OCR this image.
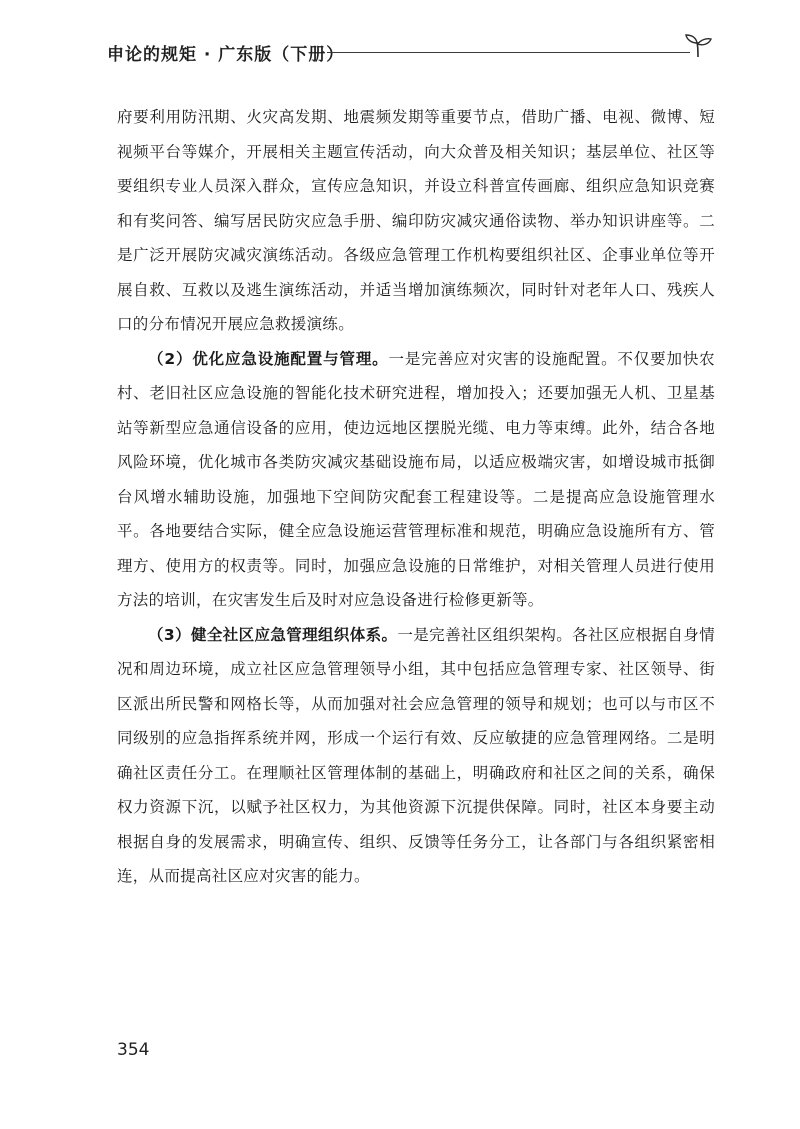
申论的规矩 · 广东版（下册）

府要利用防汛期、火灾高发期、地震频发期等重要节点，借助广播、电视、微博、短视频平台等媒介，开展相关主题宣传活动，向大众普及相关知识；基层单位、社区等要组织专业人员深入群众，宣传应急知识，并设立科普宣传画廊、组织应急知识竞赛和有奖问答、编写居民防灾应急手册、编印防灾减灾通俗读物、举办知识讲座等。二是广泛开展防灾减灾演练活动。各级应急管理工作机构要组织社区、企事业单位等开展自救、互救以及逃生演练活动，并适当增加演练频次，同时针对老年人口、残疾人口的分布情况开展应急救援演练。

（2）优化应急设施配置与管理。一是完善应对灾害的设施配置。不仅要加快农村、老旧社区应急设施的智能化技术研究进程，增加投入；还要加强无人机、卫星基站等新型应急通信设备的应用，使边远地区摆脱光缆、电力等束缚。此外，结合各地风险环境，优化城市各类防灾减灾基础设施布局，以适应极端灾害，如增设城市抵御台风增水辅助设施，加强地下空间防灾配套工程建设等。二是提高应急设施管理水平。各地要结合实际，健全应急设施运营管理标准和规范，明确应急设施所有方、管理方、使用方的权责等。同时，加强应急设施的日常维护，对相关管理人员进行使用方法的培训，在灾害发生后及时对应急设备进行检修更新等。

（3）健全社区应急管理组织体系。一是完善社区组织架构。各社区应根据自身情况和周边环境，成立社区应急管理领导小组，其中包括应急管理专家、社区领导、街区派出所民警和网格长等，从而加强对社会应急管理的领导和规划；也可以与市区不同级别的应急指挥系统并网，形成一个运行有效、反应敏捷的应急管理网络。二是明确社区责任分工。在理顺社区管理体制的基础上，明确政府和社区之间的关系，确保权力资源下沉，以赋予社区权力，为其他资源下沉提供保障。同时，社区本身要主动根据自身的发展需求，明确宣传、组织、反馈等任务分工，让各部门与各组织紧密相连，从而提高社区应对灾害的能力。

354
